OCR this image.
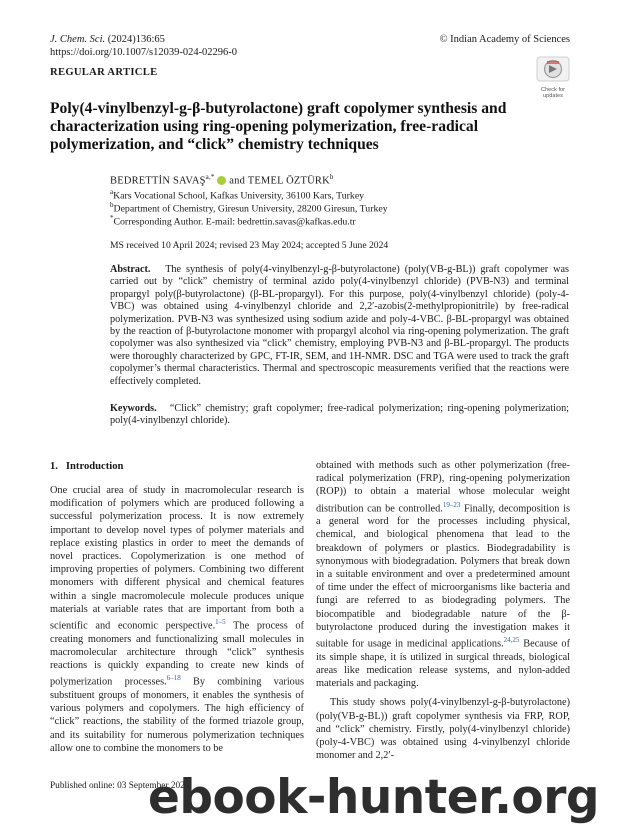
J. Chem. Sci. (2024)136:65
https://doi.org/10.1007/s12039-024-02296-0
© Indian Academy of Sciences
REGULAR ARTICLE
Check for
updates
Poly(4-vinylbenzyl-g-β-butyrolactone) graft copolymer synthesis and characterization using ring-opening polymerization, free-radical polymerization, and “click” chemistry techniques
BEDRETTİN $SAVAŞ^{a,*}$ and TEMEL ÖZTÜRK$^b$
$^a$Kars Vocational School, Kafkas University, 36100 Kars, Turkey
$^b$Department of Chemistry, Giresun University, 28200 Giresun, Turkey
*Corresponding Author. E-mail: bedrettin.savas@kafkas.edu.tr
MS received 10 April 2024; revised 23 May 2024; accepted 5 June 2024
Abstract. The synthesis of poly(4-vinylbenzyl-g-β-butyrolactone) (poly(VB-g-BL)) graft copolymer was carried out by “click” chemistry of terminal azido poly(4-vinylbenzyl chloride) (PVB-N3) and terminal propargyl poly(β-butyrolactone) (β-BL-propargyl). For this purpose, poly(4-vinylbenzyl chloride) (poly-4-VBC) was obtained using 4-vinylbenzyl chloride and 2,2′-azobis(2-methylpropionitrile) by free-radical polymerization. PVB-N3 was synthesized using sodium azide and poly-4-VBC. β-BL-propargyl was obtained by the reaction of β-butyrolactone monomer with propargyl alcohol via ring-opening polymerization. The graft copolymer was also synthesized via “click” chemistry, employing PVB-N3 and β-BL-propargyl. The products were thoroughly characterized by GPC, FT-IR, SEM, and 1H-NMR. DSC and TGA were used to track the graft copolymer’s thermal characteristics. Thermal and spectroscopic measurements verified that the reactions were effectively completed.
Keywords. “Click” chemistry; graft copolymer; free-radical polymerization; ring-opening polymerization; poly(4-vinylbenzyl chloride).
1. Introduction

One crucial area of study in macromolecular research is modification of polymers which are produced following a successful polymerization process. It is now extremely important to develop novel types of polymer materials and replace existing plastics in order to meet the demands of novel practices. Copolymerization is one method of improving properties of polymers. Combining two different monomers with different physical and chemical features within a single macromolecule molecule produces unique materials at variable rates that are important from both a scientific and economic perspective.$^{1-5}$ The process of creating monomers and functionalizing small molecules in macromolecular architecture through “click” synthesis reactions is quickly expanding to create new kinds of polymerization processes.$^{6-18}$ By combining various substituent groups of monomers, it enables the synthesis of various polymers and copolymers. The high efficiency of “click” reactions, the stability of the formed triazole group, and its suitability for numerous polymerization techniques allow one to combine the monomers to be

obtained with methods such as other polymerization (free-radical polymerization (FRP), ring-opening polymerization (ROP)) to obtain a material whose molecular weight distribution can be controlled.$^{19-23}$ Finally, decomposition is a general word for the processes including physical, chemical, and biological phenomena that lead to the breakdown of polymers or plastics. Biodegradability is synonymous with biodegradation. Polymers that break down in a suitable environment and over a predetermined amount of time under the effect of microorganisms like bacteria and fungi are referred to as biodegrading polymers. The biocompatible and biodegradable nature of the β-butyrolactone produced during the investigation makes it suitable for usage in medicinal applications.$^{24,25}$ Because of its simple shape, it is utilized in surgical threads, biological areas like medication release systems, and nylon-added materials and packaging.

This study shows poly(4-vinylbenzyl-g-β-butyrolactone) (poly(VB-g-BL)) graft copolymer synthesis via FRP, ROP, and “click” chemistry. Firstly, poly(4-vinylbenzyl chloride) (poly-4-VBC) was obtained using 4-vinylbenzyl chloride monomer and 2,2′-

Published online: 03 September 2024
ebook-hunter.org
